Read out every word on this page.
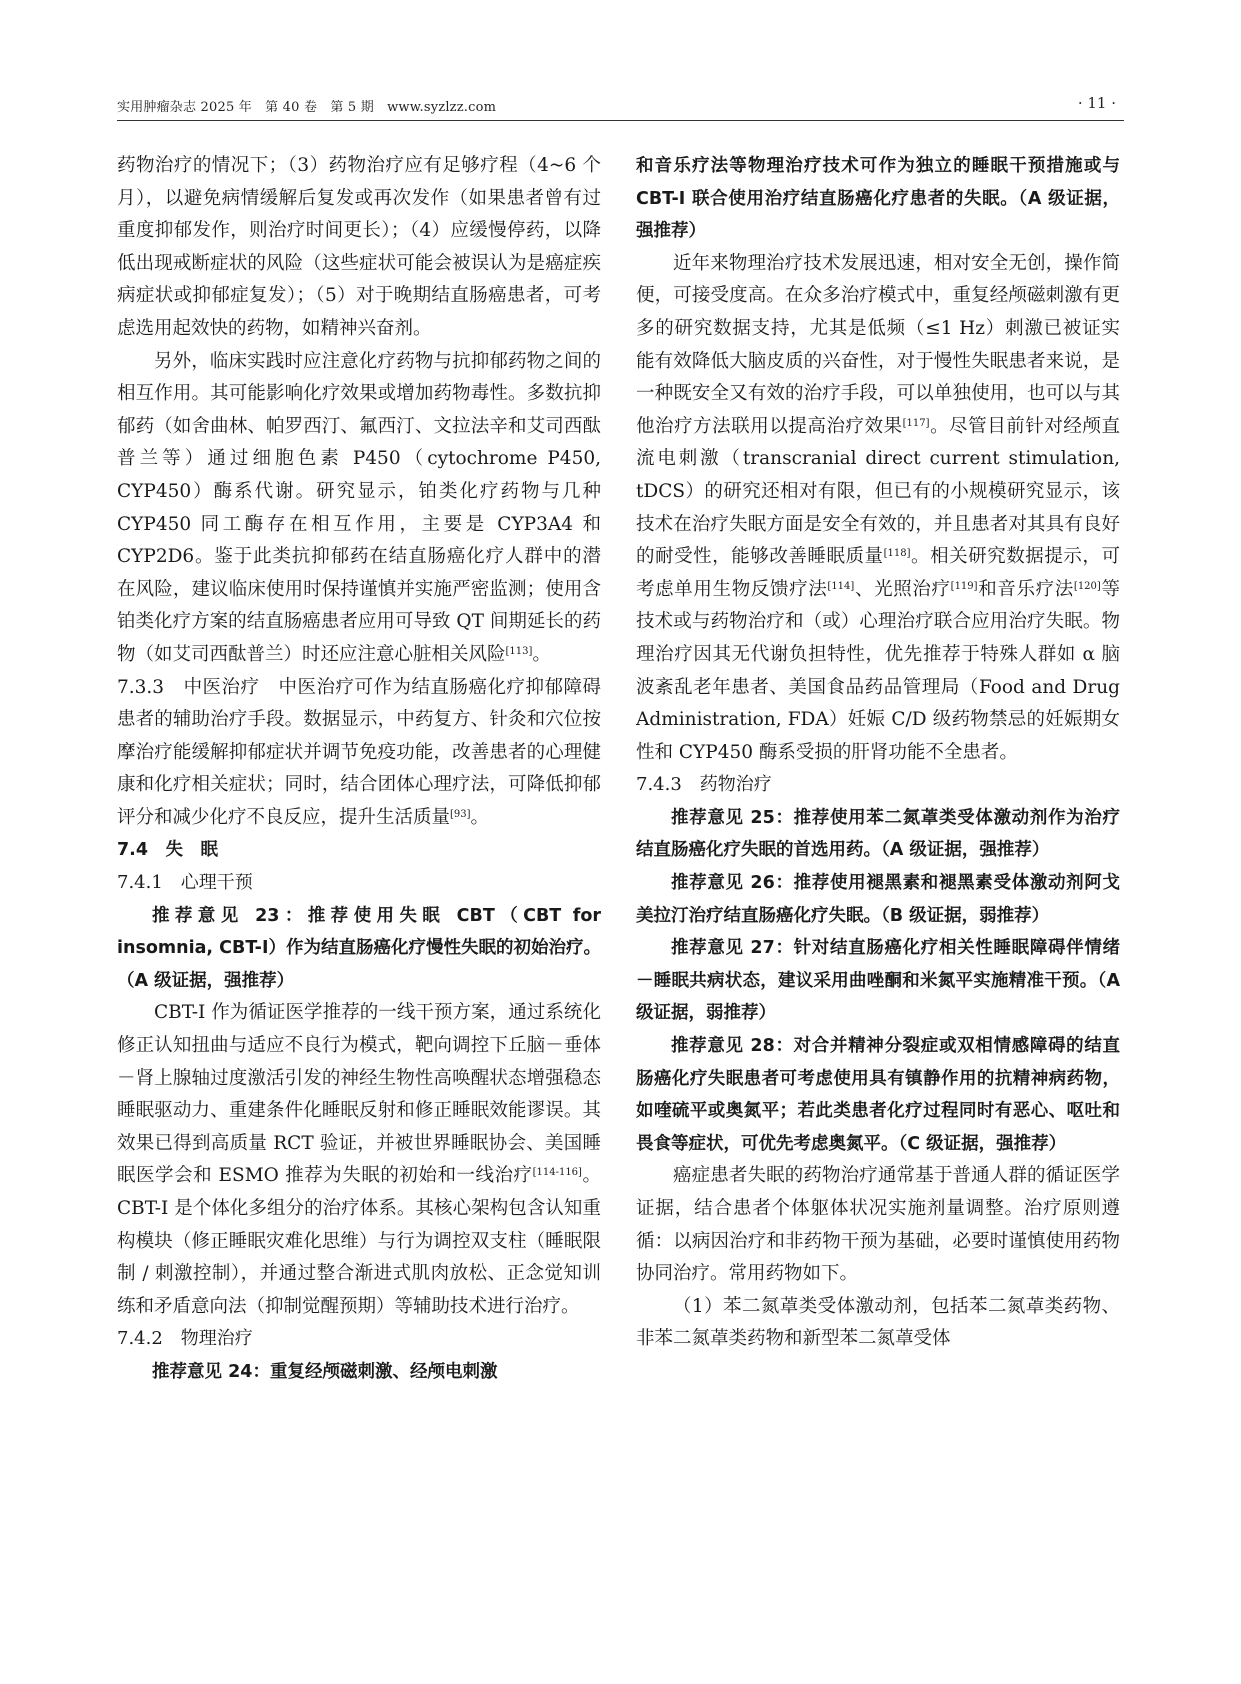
实用肿瘤杂志 2025 年　第 40 卷　第 5 期　www.syzlzz.com	· 11 ·

药物治疗的情况下；（3）药物治疗应有足够疗程（4~6 个月），以避免病情缓解后复发或再次发作（如果患者曾有过重度抑郁发作，则治疗时间更长）；（4）应缓慢停药，以降低出现戒断症状的风险（这些症状可能会被误认为是癌症疾病症状或抑郁症复发）；（5）对于晚期结直肠癌患者，可考虑选用起效快的药物，如精神兴奋剂。

另外，临床实践时应注意化疗药物与抗抑郁药物之间的相互作用。其可能影响化疗效果或增加药物毒性。多数抗抑郁药（如舍曲林、帕罗西汀、氟西汀、文拉法辛和艾司西酞普兰等）通过细胞色素 P450（cytochrome P450, CYP450）酶系代谢。研究显示，铂类化疗药物与几种 CYP450 同工酶存在相互作用，主要是 CYP3A4 和 CYP2D6。鉴于此类抗抑郁药在结直肠癌化疗人群中的潜在风险，建议临床使用时保持谨慎并实施严密监测；使用含铂类化疗方案的结直肠癌患者应用可导致 QT 间期延长的药物（如艾司西酞普兰）时还应注意心脏相关风险[113]。

7.3.3　中医治疗　中医治疗可作为结直肠癌化疗抑郁障碍患者的辅助治疗手段。数据显示，中药复方、针灸和穴位按摩治疗能缓解抑郁症状并调节免疫功能，改善患者的心理健康和化疗相关症状；同时，结合团体心理疗法，可降低抑郁评分和减少化疗不良反应，提升生活质量[93]。

7.4　失　眠

7.4.1　心理干预

推荐意见 23：推荐使用失眠 CBT（CBT for insomnia, CBT-I）作为结直肠癌化疗慢性失眠的初始治疗。（A 级证据，强推荐）

CBT-I 作为循证医学推荐的一线干预方案，通过系统化修正认知扭曲与适应不良行为模式，靶向调控下丘脑－垂体－肾上腺轴过度激活引发的神经生物性高唤醒状态增强稳态睡眠驱动力、重建条件化睡眠反射和修正睡眠效能谬误。其效果已得到高质量 RCT 验证，并被世界睡眠协会、美国睡眠医学会和 ESMO 推荐为失眠的初始和一线治疗[114-116]。CBT-I 是个体化多组分的治疗体系。其核心架构包含认知重构模块（修正睡眠灾难化思维）与行为调控双支柱（睡眠限制 / 刺激控制），并通过整合渐进式肌肉放松、正念觉知训练和矛盾意向法（抑制觉醒预期）等辅助技术进行治疗。

7.4.2　物理治疗

推荐意见 24：重复经颅磁刺激、经颅电刺激

和音乐疗法等物理治疗技术可作为独立的睡眠干预措施或与 CBT-I 联合使用治疗结直肠癌化疗患者的失眠。（A 级证据，强推荐）

近年来物理治疗技术发展迅速，相对安全无创，操作简便，可接受度高。在众多治疗模式中，重复经颅磁刺激有更多的研究数据支持，尤其是低频（≤1 Hz）刺激已被证实能有效降低大脑皮质的兴奋性，对于慢性失眠患者来说，是一种既安全又有效的治疗手段，可以单独使用，也可以与其他治疗方法联用以提高治疗效果[117]。尽管目前针对经颅直流电刺激（transcranial direct current stimulation, tDCS）的研究还相对有限，但已有的小规模研究显示，该技术在治疗失眠方面是安全有效的，并且患者对其具有良好的耐受性，能够改善睡眠质量[118]。相关研究数据提示，可考虑单用生物反馈疗法[114]、光照治疗[119]和音乐疗法[120]等技术或与药物治疗和（或）心理治疗联合应用治疗失眠。物理治疗因其无代谢负担特性，优先推荐于特殊人群如 α 脑波紊乱老年患者、美国食品药品管理局（Food and Drug Administration, FDA）妊娠 C/D 级药物禁忌的妊娠期女性和 CYP450 酶系受损的肝肾功能不全患者。

7.4.3　药物治疗

推荐意见 25：推荐使用苯二氮䓬类受体激动剂作为治疗结直肠癌化疗失眠的首选用药。（A 级证据，强推荐）

推荐意见 26：推荐使用褪黑素和褪黑素受体激动剂阿戈美拉汀治疗结直肠癌化疗失眠。（B 级证据，弱推荐）

推荐意见 27：针对结直肠癌化疗相关性睡眠障碍伴情绪－睡眠共病状态，建议采用曲唑酮和米氮平实施精准干预。（A 级证据，弱推荐）

推荐意见 28：对合并精神分裂症或双相情感障碍的结直肠癌化疗失眠患者可考虑使用具有镇静作用的抗精神病药物，如喹硫平或奥氮平；若此类患者化疗过程同时有恶心、呕吐和畏食等症状，可优先考虑奥氮平。（C 级证据，强推荐）

癌症患者失眠的药物治疗通常基于普通人群的循证医学证据，结合患者个体躯体状况实施剂量调整。治疗原则遵循：以病因治疗和非药物干预为基础，必要时谨慎使用药物协同治疗。常用药物如下。

（1）苯二氮䓬类受体激动剂，包括苯二氮䓬类药物、非苯二氮䓬类药物和新型苯二氮䓬受体
